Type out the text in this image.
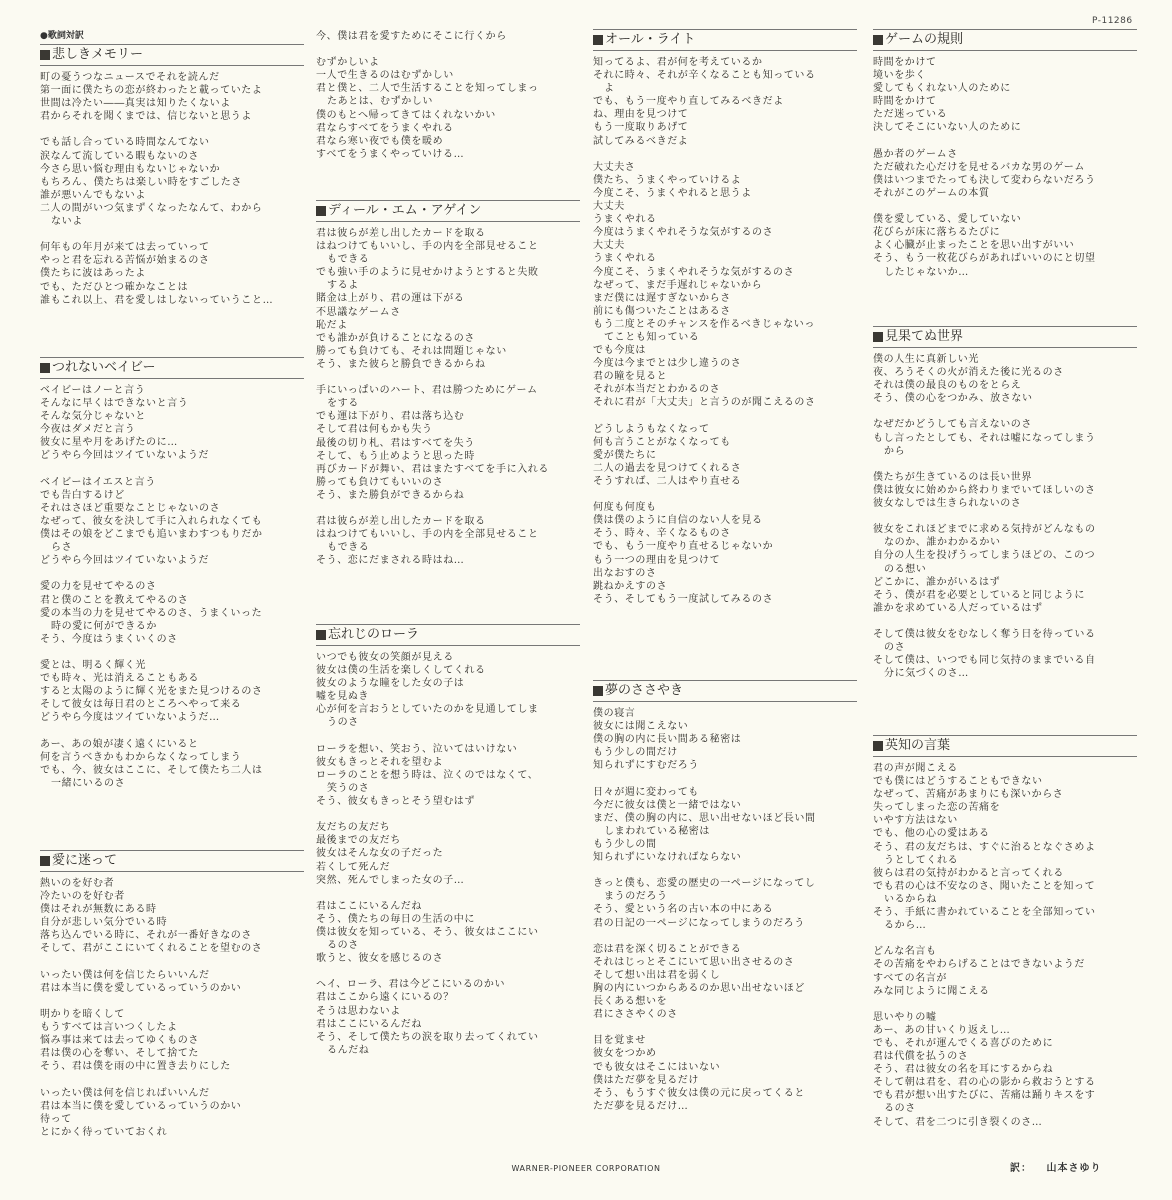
●歌詞対訳
P-11286
悲しきメモリー
町の憂うつなニュースでそれを読んだ
第一面に僕たちの恋が終わったと載っていたよ
世間は冷たい――真実は知りたくないよ
君からそれを聞くまでは、信じないと思うよ
でも話し合っている時間なんてない
涙なんて流している暇もないのさ
今さら思い悩む理由もないじゃないか
もちろん、僕たちは楽しい時をすごしたさ
誰が悪いんでもないよ
二人の間がいつ気まずくなったなんて、わから
ないよ
何年もの年月が来ては去っていって
やっと君を忘れる苦悩が始まるのさ
僕たちに波はあったよ
でも、ただひとつ確かなことは
誰もこれ以上、君を愛しはしないっていうこと…
つれないベイビー
ベイビーはノーと言う
そんなに早くはできないと言う
そんな気分じゃないと
今夜はダメだと言う
彼女に星や月をあげたのに…
どうやら今回はツイていないようだ
ベイビーはイエスと言う
でも告白するけど
それはさほど重要なことじゃないのさ
なぜって、彼女を決して手に入れられなくても
僕はその娘をどこまでも追いまわすつもりだか
らさ
どうやら今回はツイていないようだ
愛の力を見せてやるのさ
君と僕のことを教えてやるのさ
愛の本当の力を見せてやるのさ、うまくいった
時の愛に何ができるか
そう、今度はうまくいくのさ
愛とは、明るく輝く光
でも時々、光は消えることもある
すると太陽のように輝く光をまた見つけるのさ
そして彼女は毎日君のところへやって来る
どうやら今度はツイていないようだ…
あー、あの娘が凄く遠くにいると
何を言うべきかもわからなくなってしまう
でも、今、彼女はここに、そして僕たち二人は
一緒にいるのさ
愛に迷って
熱いのを好む者
冷たいのを好む者
僕はそれが無数にある時
自分が悲しい気分でいる時
落ち込んでいる時に、それが一番好きなのさ
そして、君がここにいてくれることを望むのさ
いったい僕は何を信じたらいいんだ
君は本当に僕を愛しているっていうのかい
明かりを暗くして
もうすべては言いつくしたよ
悩み事は来ては去ってゆくものさ
君は僕の心を奪い、そして捨てた
そう、君は僕を雨の中に置き去りにした
いったい僕は何を信じればいいんだ
君は本当に僕を愛しているっていうのかい
待って
とにかく待っていておくれ
今、僕は君を愛すためにそこに行くから
むずかしいよ
一人で生きるのはむずかしい
君と僕と、二人で生活することを知ってしまっ
たあとは、むずかしい
僕のもとへ帰ってきてはくれないかい
君ならすべてをうまくやれる
君なら寒い夜でも僕を暖め
すべてをうまくやっていける…
ディール・エム・アゲイン
君は彼らが差し出したカードを取る
はねつけてもいいし、手の内を全部見せること
もできる
でも強い手のように見せかけようとすると失敗
するよ
賭金は上がり、君の運は下がる
不思議なゲームさ
恥だよ
でも誰かが負けることになるのさ
勝っても負けても、それは問題じゃない
そう、また彼らと勝負できるからね
手にいっぱいのハート、君は勝つためにゲーム
をする
でも運は下がり、君は落ち込む
そして君は何もかも失う
最後の切り札、君はすべてを失う
そして、もう止めようと思った時
再びカードが舞い、君はまたすべてを手に入れる
勝っても負けてもいいのさ
そう、また勝負ができるからね
君は彼らが差し出したカードを取る
はねつけてもいいし、手の内を全部見せること
もできる
そう、恋にだまされる時はね…
忘れじのローラ
いつでも彼女の笑顔が見える
彼女は僕の生活を楽しくしてくれる
彼女のような瞳をした女の子は
嘘を見ぬき
心が何を言おうとしていたのかを見通してしま
うのさ
ローラを想い、笑おう、泣いてはいけない
彼女もきっとそれを望むよ
ローラのことを想う時は、泣くのではなくて、
笑うのさ
そう、彼女もきっとそう望むはず
友だちの友だち
最後までの友だち
彼女はそんな女の子だった
若くして死んだ
突然、死んでしまった女の子…
君はここにいるんだね
そう、僕たちの毎日の生活の中に
僕は彼女を知っている、そう、彼女はここにい
るのさ
歌うと、彼女を感じるのさ
ヘイ、ローラ、君は今どこにいるのかい
君はここから遠くにいるの？
そうは思わないよ
君はここにいるんだね
そう、そして僕たちの涙を取り去ってくれてい
るんだね
オール・ライト
知ってるよ、君が何を考えているか
それに時々、それが辛くなることも知っている
よ
でも、もう一度やり直してみるべきだよ
ね、理由を見つけて
もう一度取りあげて
試してみるべきだよ
大丈夫さ
僕たち、うまくやっていけるよ
今度こそ、うまくやれると思うよ
大丈夫
うまくやれる
今度はうまくやれそうな気がするのさ
大丈夫
うまくやれる
今度こそ、うまくやれそうな気がするのさ
なぜって、まだ手遅れじゃないから
まだ僕には遅すぎないからさ
前にも傷ついたことはあるさ
もう二度とそのチャンスを作るべきじゃないっ
てことも知っている
でも今度は
今度は今までとは少し違うのさ
君の瞳を見ると
それが本当だとわかるのさ
それに君が「大丈夫」と言うのが聞こえるのさ
どうしようもなくなって
何も言うことがなくなっても
愛が僕たちに
二人の過去を見つけてくれるさ
そうすれば、二人はやり直せる
何度も何度も
僕は僕のように自信のない人を見る
そう、時々、辛くなるものさ
でも、もう一度やり直せるじゃないか
もう一つの理由を見つけて
出なおすのさ
跳ねかえすのさ
そう、そしてもう一度試してみるのさ
夢のささやき
僕の寝言
彼女には聞こえない
僕の胸の内に長い間ある秘密は
もう少しの間だけ
知られずにすむだろう
日々が週に変わっても
今だに彼女は僕と一緒ではない
まだ、僕の胸の内に、思い出せないほど長い間
しまわれている秘密は
もう少しの間
知られずにいなければならない
きっと僕も、恋愛の歴史の一ページになってし
まうのだろう
そう、愛という名の古い本の中にある
君の日記の一ページになってしまうのだろう
恋は君を深く切ることができる
それはじっとそこにいて思い出させるのさ
そして想い出は君を弱くし
胸の内にいつからあるのか思い出せないほど
長くある想いを
君にささやくのさ
目を覚ませ
彼女をつかめ
でも彼女はそこにはいない
僕はただ夢を見るだけ
そう、もうすぐ彼女は僕の元に戻ってくると
ただ夢を見るだけ…
ゲームの規則
時間をかけて
境いを歩く
愛してもくれない人のために
時間をかけて
ただ迷っている
決してそこにいない人のために
愚か者のゲームさ
ただ破れた心だけを見せるバカな男のゲーム
僕はいつまでたっても決して変わらないだろう
それがこのゲームの本質
僕を愛している、愛していない
花びらが床に落ちるたびに
よく心臓が止まったことを思い出すがいい
そう、もう一枚花びらがあればいいのにと切望
したじゃないか…
見果てぬ世界
僕の人生に真新しい光
夜、ろうそくの火が消えた後に光るのさ
それは僕の最良のものをとらえ
そう、僕の心をつかみ、放さない
なぜだかどうしても言えないのさ
もし言ったとしても、それは嘘になってしまう
から
僕たちが生きているのは長い世界
僕は彼女に始めから終わりまでいてほしいのさ
彼女なしでは生きられないのさ
彼女をこれほどまでに求める気持がどんなもの
なのか、誰かわかるかい
自分の人生を投げうってしまうほどの、このつ
のる想い
どこかに、誰かがいるはず
そう、僕が君を必要としていると同じように
誰かを求めている人だっているはず
そして僕は彼女をむなしく奪う日を待っている
のさ
そして僕は、いつでも同じ気持のままでいる自
分に気づくのさ…
英知の言葉
君の声が聞こえる
でも僕にはどうすることもできない
なぜって、苦痛があまりにも深いからさ
失ってしまった恋の苦痛を
いやす方法はない
でも、他の心の愛はある
そう、君の友だちは、すぐに治るとなぐさめよ
うとしてくれる
彼らは君の気持がわかると言ってくれる
でも君の心は不安なのさ、聞いたことを知って
いるからね
そう、手紙に書かれていることを全部知ってい
るから…
どんな名言も
その苦痛をやわらげることはできないようだ
すべての名言が
みな同じように聞こえる
思いやりの嘘
あー、あの甘いくり返えし…
でも、それが運んでくる喜びのために
君は代償を払うのさ
そう、君は彼女の名を耳にするからね
そして朝は君を、君の心の影から救おうとする
でも君が想い出すたびに、苦痛は踊りキスをす
るのさ
そして、君を二つに引き裂くのさ…
WARNER-PIONEER CORPORATION	訳： 山本さゆり
